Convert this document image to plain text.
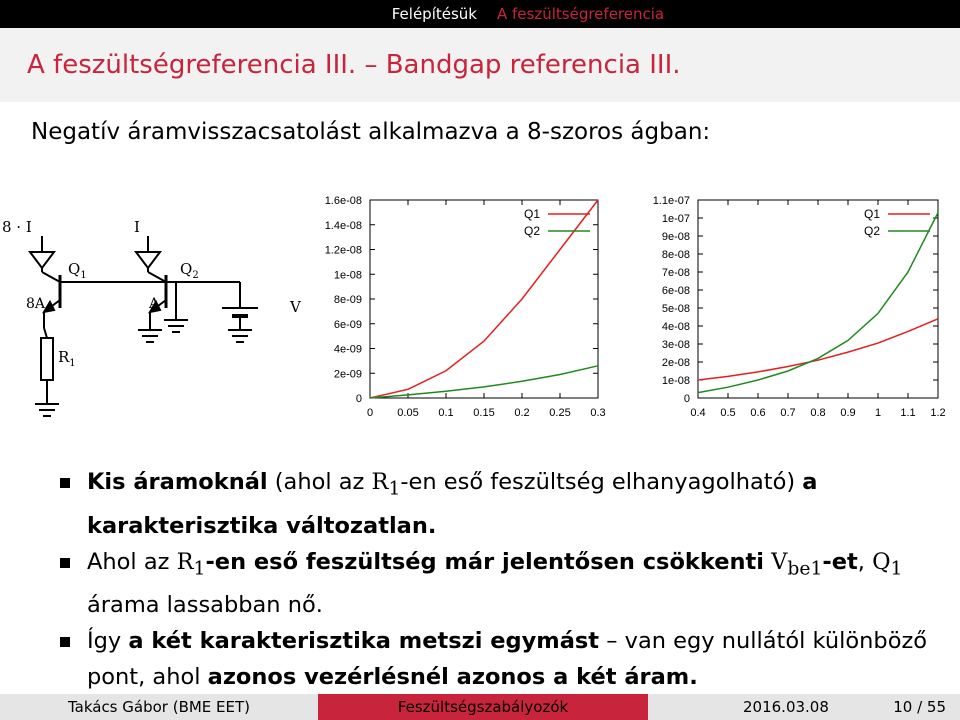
Felépítésük A feszültségreferencia
A feszültségreferencia III. – Bandgap referencia III.
Negatív áramvisszacsatolást alkalmazva a 8-szoros ágban:
8 · I	I
$Q_1$	$Q_2$
8A	A
$R_1$
V
0
2e-09
4e-09
6e-09
8e-09
1e-08
1.2e-08
1.4e-08
1.6e-08
0 0.05 0.1 0.15 0.2 0.25 0.3
Q1
Q2
0
1e-08
2e-08
3e-08
4e-08
5e-08
6e-08
7e-08
8e-08
9e-08
1e-07
1.1e-07
0.4 0.5 0.6 0.7 0.8 0.9 1 1.1 1.2
Q1
Q2
Kis áramoknál (ahol az $R_1-en$ eső feszültség elhanyagolható) a karakterisztika változatlan.
Ahol az $R_1-en$ eső feszültség már jelentősen csökkenti $V_{be1}-et$, $Q_1$ árama lassabban nő.
Így a két karakterisztika metszi egymást – van egy nullától különböző pont, ahol azonos vezérlésnél azonos a két áram.
Takács Gábor (BME EET)	Feszültségszabályozók	2016.03.08	10 / 55
